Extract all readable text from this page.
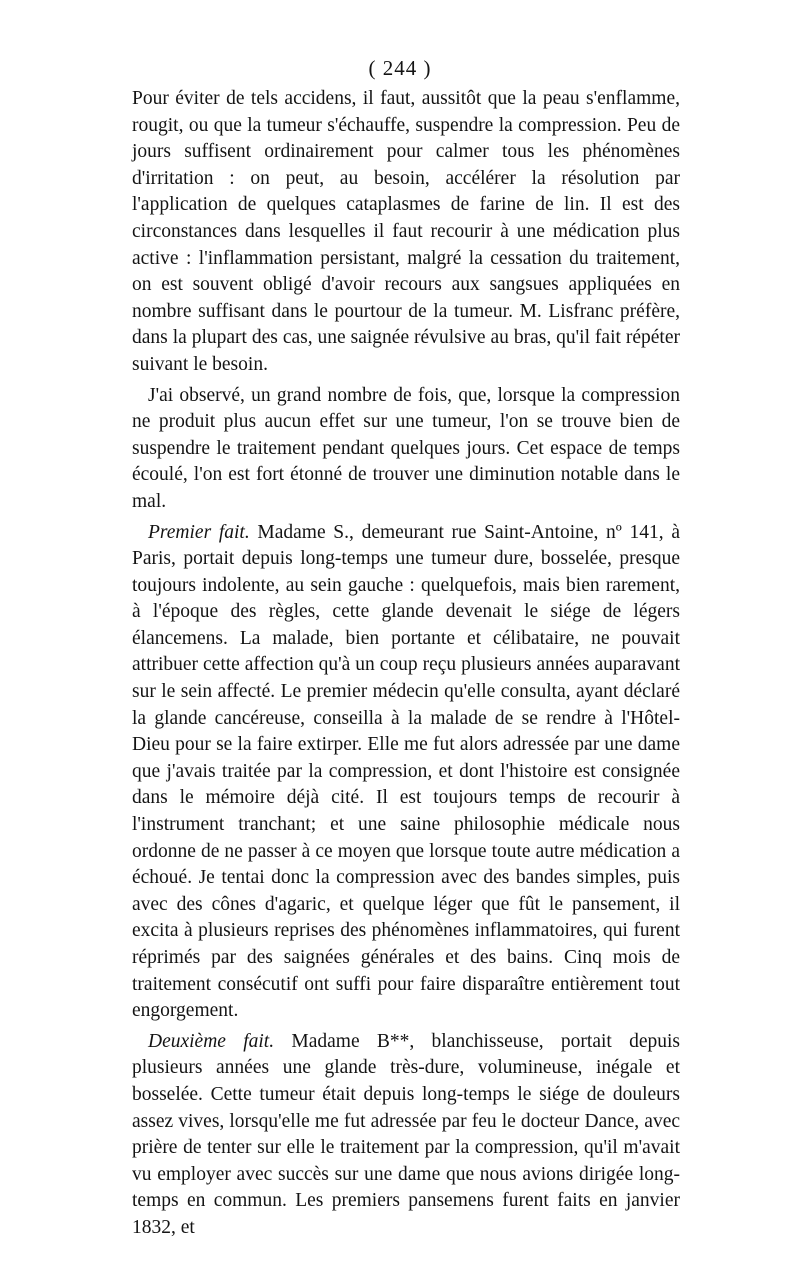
( 244 )

Pour éviter de tels accidens, il faut, aussitôt que la peau s'enflamme, rougit, ou que la tumeur s'échauffe, suspendre la compression. Peu de jours suffisent ordinairement pour calmer tous les phénomènes d'irritation : on peut, au besoin, accélérer la résolution par l'application de quelques cataplasmes de farine de lin. Il est des circonstances dans lesquelles il faut recourir à une médication plus active : l'inflammation persistant, malgré la cessation du traitement, on est souvent obligé d'avoir recours aux sangsues appliquées en nombre suffisant dans le pourtour de la tumeur. M. Lisfranc préfère, dans la plupart des cas, une saignée révulsive au bras, qu'il fait répéter suivant le besoin.

J'ai observé, un grand nombre de fois, que, lorsque la compression ne produit plus aucun effet sur une tumeur, l'on se trouve bien de suspendre le traitement pendant quelques jours. Cet espace de temps écoulé, l'on est fort étonné de trouver une diminution notable dans le mal.

Premier fait. Madame S., demeurant rue Saint-Antoine, nº 141, à Paris, portait depuis long-temps une tumeur dure, bosselée, presque toujours indolente, au sein gauche : quelquefois, mais bien rarement, à l'époque des règles, cette glande devenait le siége de légers élancemens. La malade, bien portante et célibataire, ne pouvait attribuer cette affection qu'à un coup reçu plusieurs années auparavant sur le sein affecté. Le premier médecin qu'elle consulta, ayant déclaré la glande cancéreuse, conseilla à la malade de se rendre à l'Hôtel-Dieu pour se la faire extirper. Elle me fut alors adressée par une dame que j'avais traitée par la compression, et dont l'histoire est consignée dans le mémoire déjà cité. Il est toujours temps de recourir à l'instrument tranchant; et une saine philosophie médicale nous ordonne de ne passer à ce moyen que lorsque toute autre médication a échoué. Je tentai donc la compression avec des bandes simples, puis avec des cônes d'agaric, et quelque léger que fût le pansement, il excita à plusieurs reprises des phénomènes inflammatoires, qui furent réprimés par des saignées générales et des bains. Cinq mois de traitement consécutif ont suffi pour faire disparaître entièrement tout engorgement.

Deuxième fait. Madame B**, blanchisseuse, portait depuis plusieurs années une glande très-dure, volumineuse, inégale et bosselée. Cette tumeur était depuis long-temps le siége de douleurs assez vives, lorsqu'elle me fut adressée par feu le docteur Dance, avec prière de tenter sur elle le traitement par la compression, qu'il m'avait vu employer avec succès sur une dame que nous avions dirigée long-temps en commun. Les premiers pansemens furent faits en janvier 1832, et
